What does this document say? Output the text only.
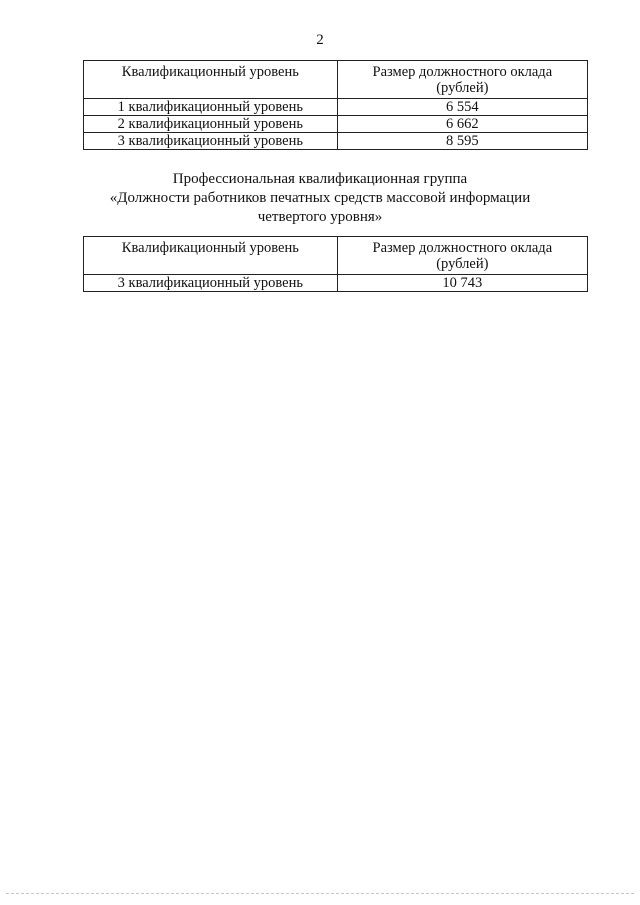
2
Квалификационный уровень	Размер должностного оклада
(рублей)

1 квалификационный уровень	6 554
2 квалификационный уровень	6 662
3 квалификационный уровень	8 595
Профессиональная квалификационная группа
«Должности работников печатных средств массовой информации
четвертого уровня»
Квалификационный уровень	Размер должностного оклада
(рублей)

3 квалификационный уровень	10 743
